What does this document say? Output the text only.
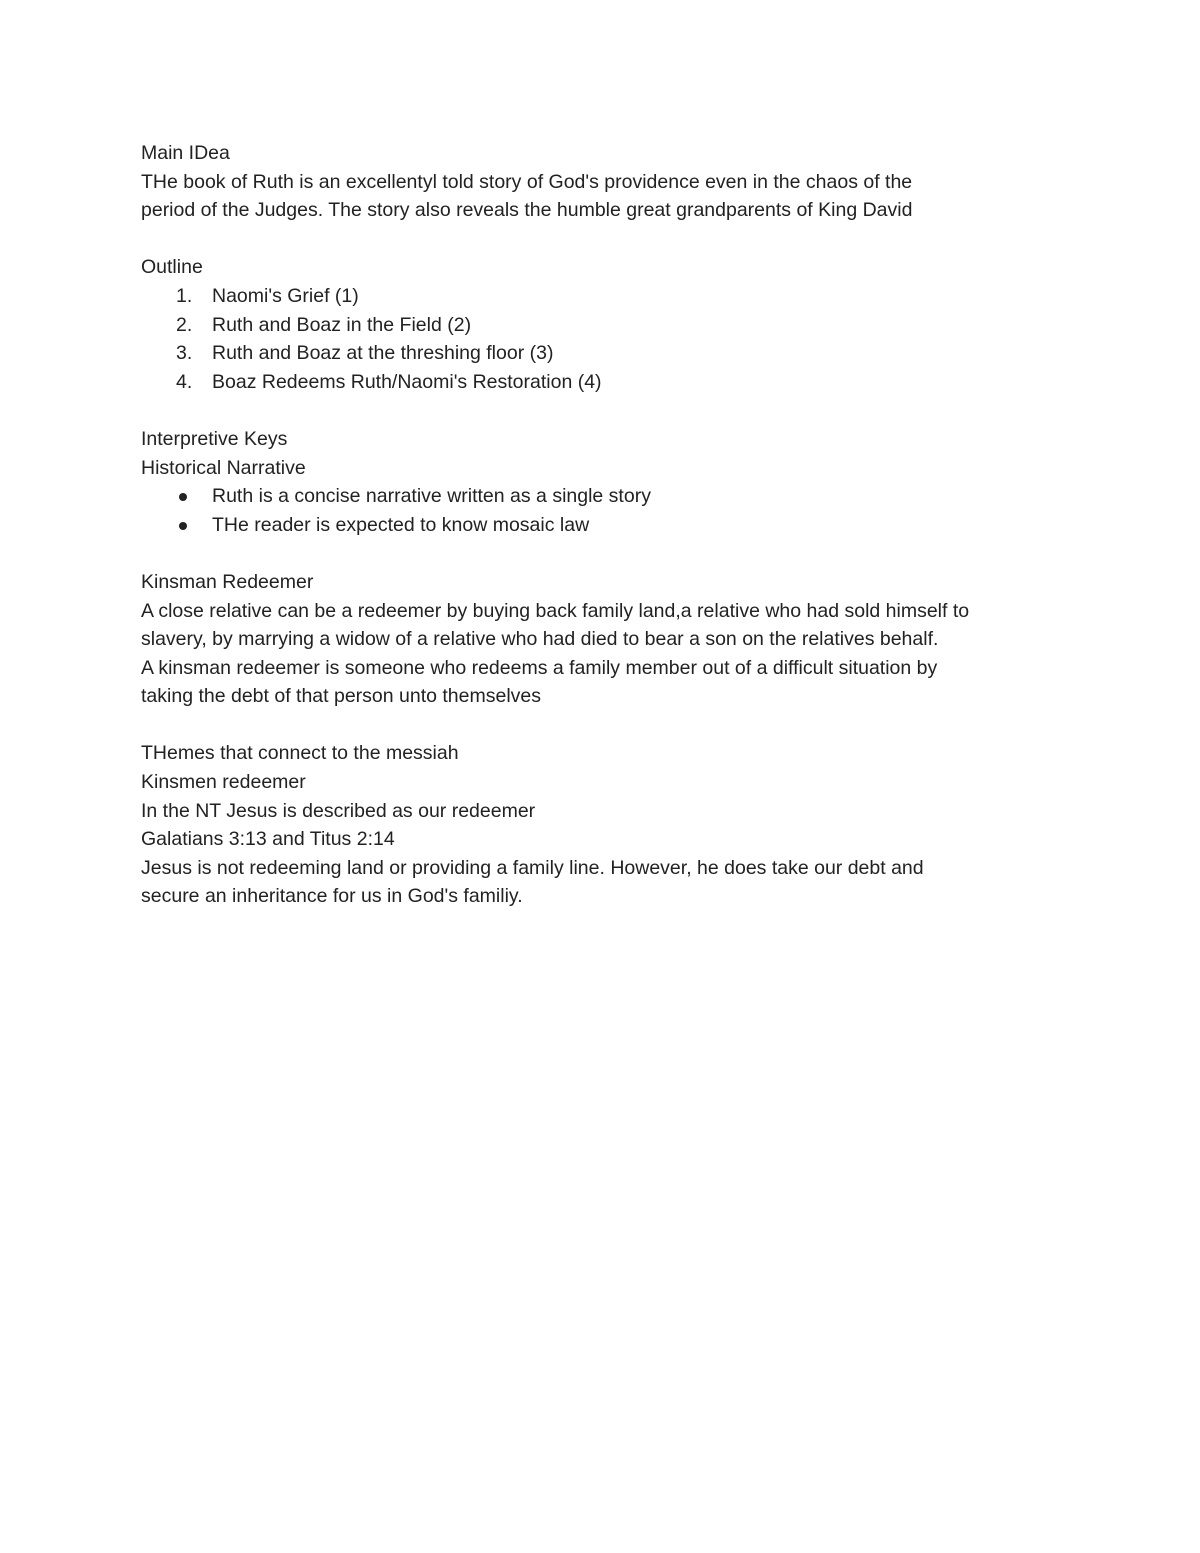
Main IDea
THe book of Ruth is an excellentyl told story of God's providence even in the chaos of the
period of the Judges. The story also reveals the humble great grandparents of King David
Outline
1. Naomi's Grief (1)
2. Ruth and Boaz in the Field (2)
3. Ruth and Boaz at the threshing floor (3)
4. Boaz Redeems Ruth/Naomi's Restoration (4)
Interpretive Keys
Historical Narrative
Ruth is a concise narrative written as a single story
THe reader is expected to know mosaic law
Kinsman Redeemer
A close relative can be a redeemer by buying back family land,a relative who had sold himself to
slavery, by marrying a widow of a relative who had died to bear a son on the relatives behalf.
A kinsman redeemer is someone who redeems a family member out of a difficult situation by
taking the debt of that person unto themselves
THemes that connect to the messiah
Kinsmen redeemer
In the NT Jesus is described as our redeemer
Galatians 3:13 and Titus 2:14
Jesus is not redeeming land or providing a family line. However, he does take our debt and
secure an inheritance for us in God's familiy.
